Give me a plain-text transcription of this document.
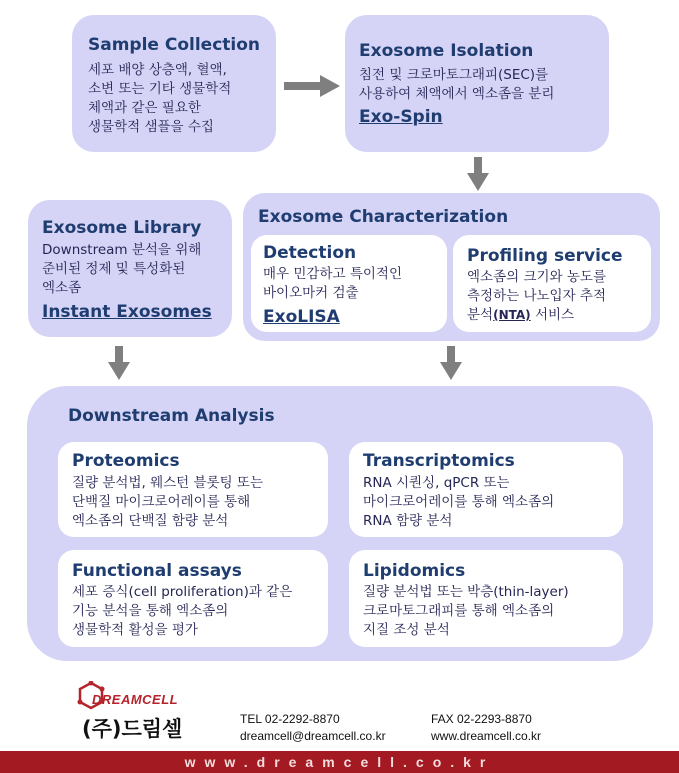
Sample Collection
세포 배양 상층액, 혈액,
소변 또는 기타 생물학적
체액과 같은 필요한
생물학적 샘플을 수집
Exosome Isolation
침전 및 크로마토그래피(SEC)를
사용하여 체액에서 엑소좀을 분리
Exo-Spin
Exosome Library
Downstream 분석을 위해
준비된 정제 및 특성화된
엑소좀
Instant Exosomes
Exosome Characterization
Detection
매우 민감하고 특이적인
바이오마커 검출
ExoLISA
Profiling service
엑소좀의 크기와 농도를
측정하는 나노입자 추적
분석(NTA) 서비스
Downstream Analysis
Proteomics
질량 분석법, 웨스턴 블롯팅 또는
단백질 마이크로어레이를 통해
엑소좀의 단백질 함량 분석
Transcriptomics
RNA 시퀀싱, qPCR 또는
마이크로어레이를 통해 엑소좀의
RNA 함량 분석
Functional assays
세포 증식(cell proliferation)과 같은
기능 분석을 통해 엑소좀의
생물학적 활성을 평가
Lipidomics
질량 분석법 또는 박층(thin-layer)
크로마토그래피를 통해 엑소좀의
지질 조성 분석
DREAMCELL
(주)드림셀	TEL 02-2292-8870
dreamcell@dreamcell.co.kr
FAX 02-2293-8870
www.dreamcell.co.kr
www.dreamcell.co.kr
